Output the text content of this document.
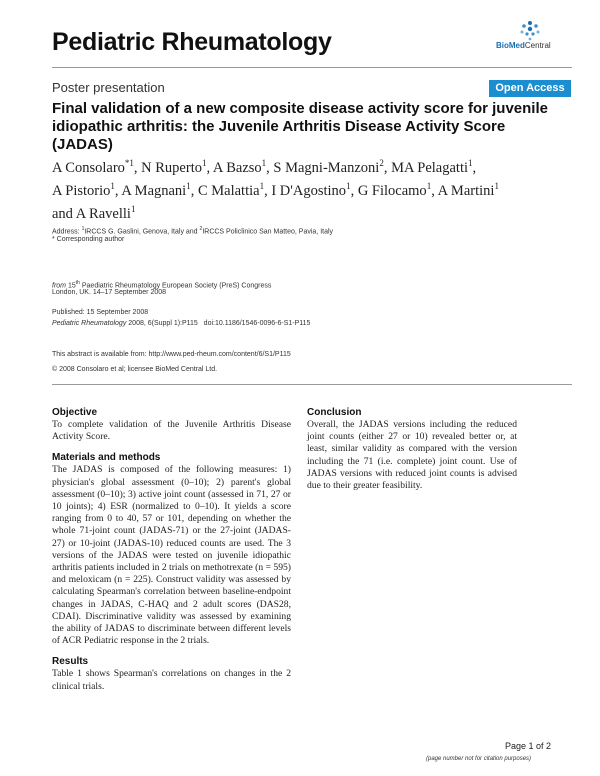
Pediatric Rheumatology	BioMedCentral
Poster presentation	Open Access
Final validation of a new composite disease activity score for juvenile idiopathic arthritis: the Juvenile Arthritis Disease Activity Score (JADAS)
A Consolaro$^{*1}$, N Ruperto$^1$, A Bazso$^1$, S Magni-Manzoni$^2$, MA Pelagatti$^1$,
A Pistorio$^1$, A Magnani$^1$, C Malattia$^1$, I D'Agostino$^1$, G Filocamo$^1$, A Martini$^1$
and A Ravelli$^1$
Address: $^1$IRCCS G. Gaslini, Genova, Italy and $^2$IRCCS Policlinico San Matteo, Pavia, Italy
* Corresponding author
from 15th Paediatric Rheumatology European Society (PreS) Congress
London, UK. 14–17 September 2008
Published: 15 September 2008
Pediatric Rheumatology 2008, 6(Suppl 1):P115 doi:10.1186/1546-0096-6-S1-P115
This abstract is available from: http://www.ped-rheum.com/content/6/S1/P115
© 2008 Consolaro et al; licensee BioMed Central Ltd.
Objective

To complete validation of the Juvenile Arthritis Disease Activity Score.

Materials and methods

The JADAS is composed of the following measures: 1) physician's global assessment (0–10); 2) parent's global assessment (0–10); 3) active joint count (assessed in 71, 27 or 10 joints); 4) ESR (normalized to 0–10). It yields a score ranging from 0 to 40, 57 or 101, depending on whether the whole 71-joint count (JADAS-71) or the 27-joint (JADAS-27) or 10-joint (JADAS-10) reduced counts are used. The 3 versions of the JADAS were tested on juvenile idiopathic arthritis patients included in 2 trials on methotrexate (n = 595) and meloxicam (n = 225). Construct validity was assessed by calculating Spearman's correlation between baseline-endpoint changes in JADAS, C-HAQ and 2 adult scores (DAS28, CDAI). Discriminative validity was assessed by examining the ability of JADAS to discriminate between different levels of ACR Pediatric response in the 2 trials.

Results

Table 1 shows Spearman's correlations on changes in the 2 clinical trials.

Conclusion

Overall, the JADAS versions including the reduced joint counts (either 27 or 10) revealed better or, at least, similar validity as compared with the version including the 71 (i.e. complete) joint count. Use of JADAS versions with reduced joint counts is advised due to their greater feasibility.

Page 1 of 2
(page number not for citation purposes)
